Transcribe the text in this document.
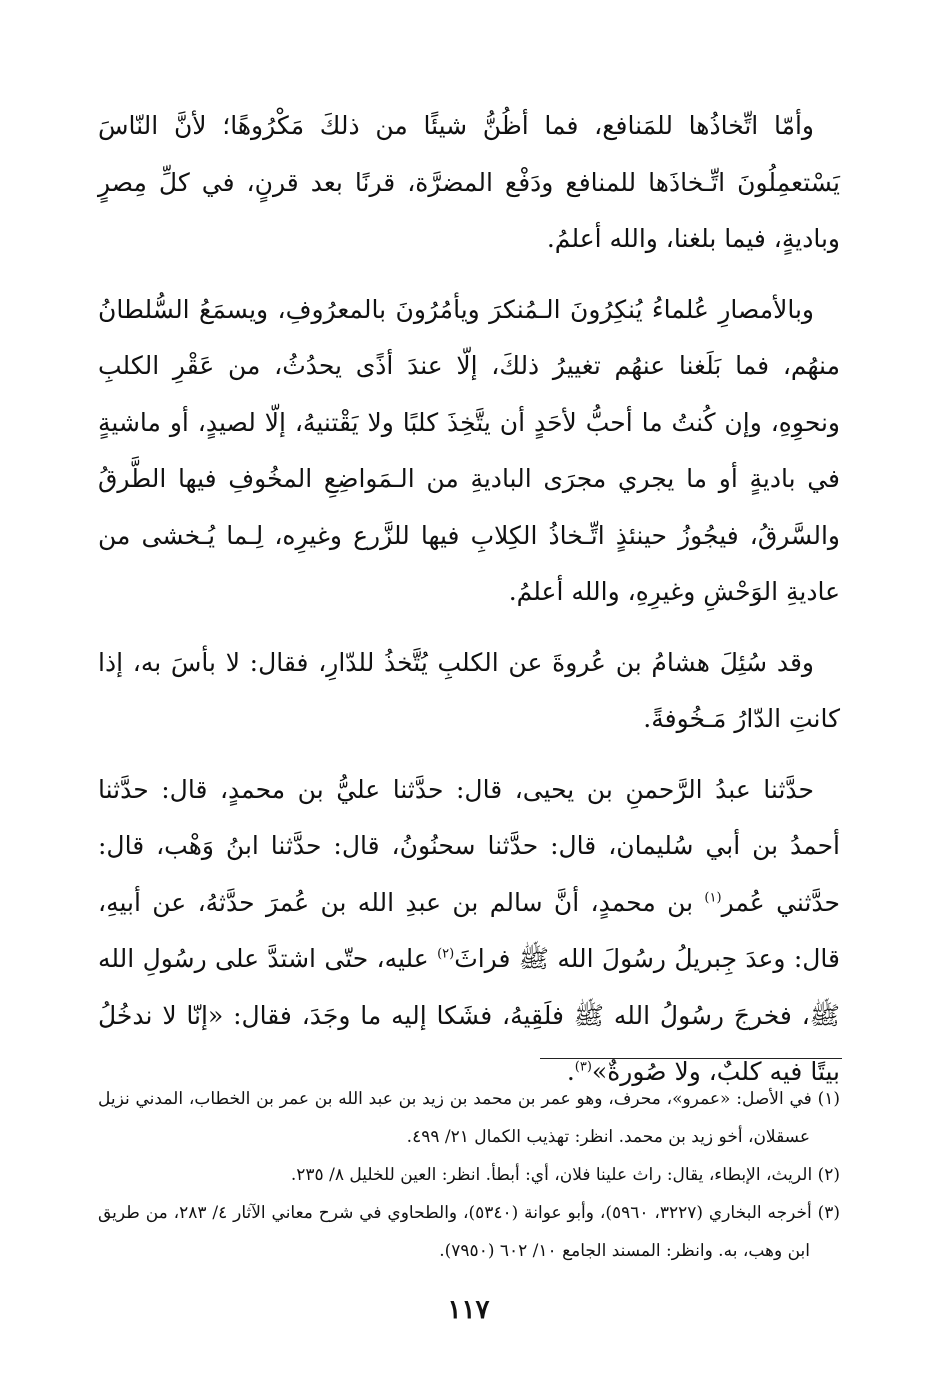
وأمّا اتِّخاذُها للمَنافع، فما أظُنُّ شيئًا من ذلكَ مَكْرُوهًا؛ لأنَّ النّاسَ يَسْتعمِلُونَ اتِّـخاذَها للمنافع ودَفْع المضرَّة، قرنًا بعد قرنٍ، في كلِّ مِصرٍ وباديةٍ، فيما بلغنا، والله أعلمُ.

وبالأمصارِ عُلماءُ يُنكِرُونَ الـمُنكرَ ويأمُرُونَ بالمعرُوفِ، ويسمَعُ السُّلطانُ منهُم، فما بَلَغنا عنهُم تغييرُ ذلكَ، إلّا عندَ أذًى يحدُثُ، من عَقْرِ الكلبِ ونحوِهِ، وإن كُنتُ ما أحبُّ لأحَدٍ أن يتَّخِذَ كلبًا ولا يَقْتنيهُ، إلّا لصيدٍ، أو ماشيةٍ في باديةٍ أو ما يجري مجرَى الباديةِ من الـمَواضِعِ المخُوفِ فيها الطَّرقُ والسَّرقُ، فيجُوزُ حينئذٍ اتِّـخاذُ الكِلابِ فيها للزَّرع وغيرِه، لِـما يُـخشى من عاديةِ الوَحْشِ وغيرِهِ، والله أعلمُ.

وقد سُئِلَ هشامُ بن عُروةَ عن الكلبِ يُتَّخذُ للدّارِ، فقال: لا بأسَ به، إذا كانتِ الدّارُ مَـخُوفةً.

حدَّثنا عبدُ الرَّحمنِ بن يحيى، قال: حدَّثنا عليُّ بن محمدٍ، قال: حدَّثنا أحمدُ بن أبي سُليمان، قال: حدَّثنا سحنُونُ، قال: حدَّثنا ابنُ وَهْب، قال: حدَّثني عُمر$^{(١)}$ بن محمدٍ، أنَّ سالم بن عبدِ الله بن عُمرَ حدَّثهُ، عن أبيهِ، قال: وعدَ جِبريلُ رسُولَ الله ﷺ فراثَ$^{(٢)}$ عليه، حتّى اشتدَّ على رسُولِ الله ﷺ، فخرجَ رسُولُ الله ﷺ فلَقِيهُ، فشَكا إليه ما وجَدَ، فقال: «إنّا لا ندخُلُ بيتًا فيه كلبٌ، ولا صُورةٌ»$^{(٣)}$.

(١) في الأصل: «عمرو»، محرف، وهو عمر بن محمد بن زيد بن عبد الله بن عمر بن الخطاب، المدني نزيل عسقلان، أخو زيد بن محمد. انظر: تهذيب الكمال ٢١/ ٤٩٩.

(٢) الريث، الإبطاء، يقال: راث علينا فلان، أي: أبطأ. انظر: العين للخليل ٨/ ٢٣٥.

(٣) أخرجه البخاري (٣٢٢٧، ٥٩٦٠)، وأبو عوانة (٥٣٤٠)، والطحاوي في شرح معاني الآثار ٤/ ٢٨٣، من طريق ابن وهب، به. وانظر: المسند الجامع ١٠/ ٦٠٢ (٧٩٥٠).

١١٧
